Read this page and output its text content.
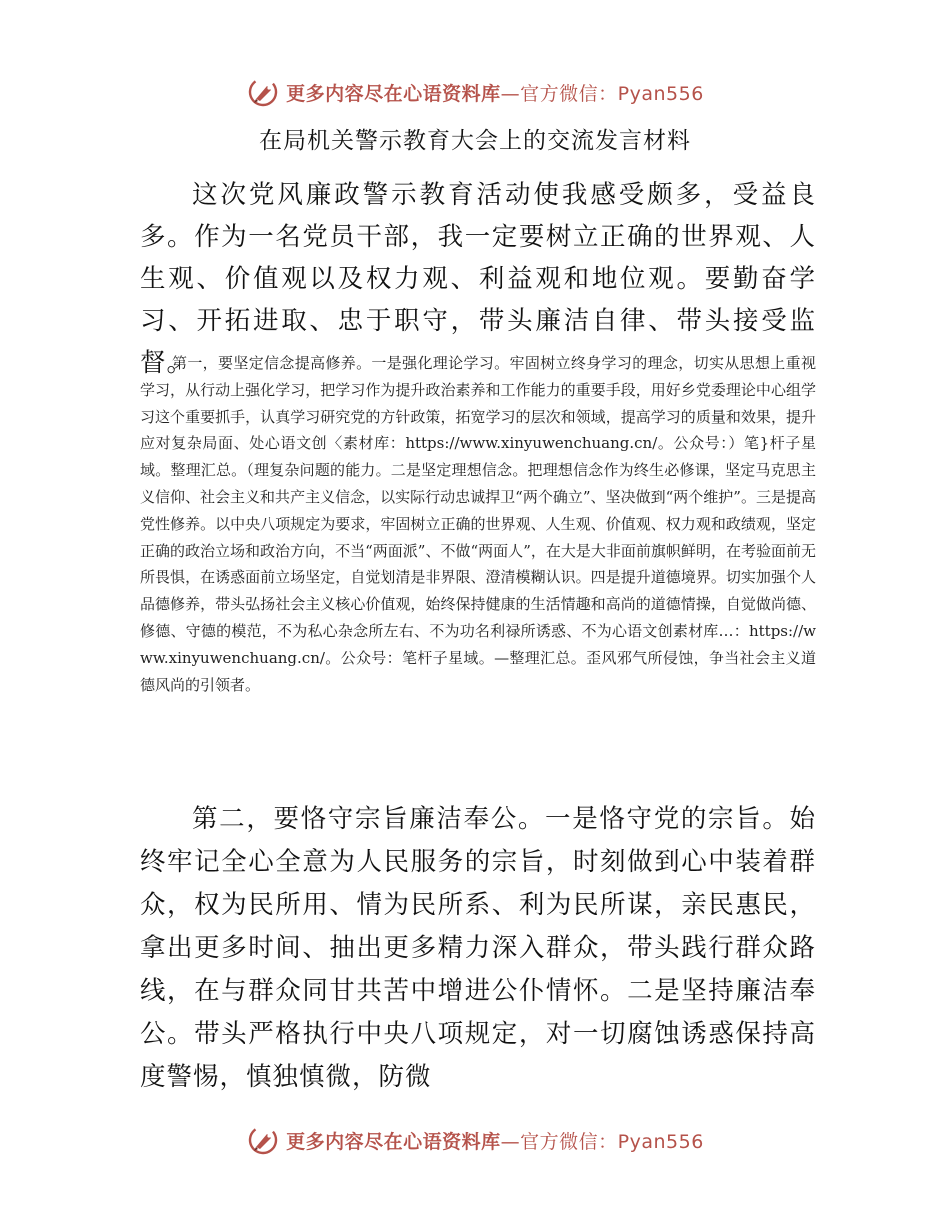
更多内容尽在心语资料库—官方微信：Pyan556
在局机关警示教育大会上的交流发言材料

这次党风廉政警示教育活动使我感受颇多，受益良多。作为一名党员干部，我一定要树立正确的世界观、人生观、价值观以及权力观、利益观和地位观。要勤奋学习、开拓进取、忠于职守，带头廉洁自律、带头接受监督。

第一，要坚定信念提高修养。一是强化理论学习。牢固树立终身学习的理念，切实从思想上重视学习，从行动上强化学习，把学习作为提升政治素养和工作能力的重要手段，用好乡党委理论中心组学习这个重要抓手，认真学习研究党的方针政策，拓宽学习的层次和领域，提高学习的质量和效果，提升应对复杂局面、处心语文创〈素材库：https://www.xinyuwenchuang.cn/。公众号：）笔}杆子星域。整理汇总。（理复杂问题的能力。二是坚定理想信念。把理想信念作为终生必修课，坚定马克思主义信仰、社会主义和共产主义信念，以实际行动忠诚捍卫“两个确立”、坚决做到“两个维护”。三是提高党性修养。以中央八项规定为要求，牢固树立正确的世界观、人生观、价值观、权力观和政绩观，坚定正确的政治立场和政治方向，不当“两面派”、不做“两面人”，在大是大非面前旗帜鲜明，在考验面前无所畏惧，在诱惑面前立场坚定，自觉划清是非界限、澄清模糊认识。四是提升道德境界。切实加强个人品德修养，带头弘扬社会主义核心价值观，始终保持健康的生活情趣和高尚的道德情操，自觉做尚德、修德、守德的模范，不为私心杂念所左右、不为功名利禄所诱惑、不为心语文创素材库…：https://www.xinyuwenchuang.cn/。公众号：笔杆子星域。—整理汇总。歪风邪气所侵蚀，争当社会主义道德风尚的引领者。

第二，要恪守宗旨廉洁奉公。一是恪守党的宗旨。始终牢记全心全意为人民服务的宗旨，时刻做到心中装着群众，权为民所用、情为民所系、利为民所谋，亲民惠民，拿出更多时间、抽出更多精力深入群众，带头践行群众路线，在与群众同甘共苦中增进公仆情怀。二是坚持廉洁奉公。带头严格执行中央八项规定，对一切腐蚀诱惑保持高度警惕，慎独慎微，防微

更多内容尽在心语资料库—官方微信：Pyan556
